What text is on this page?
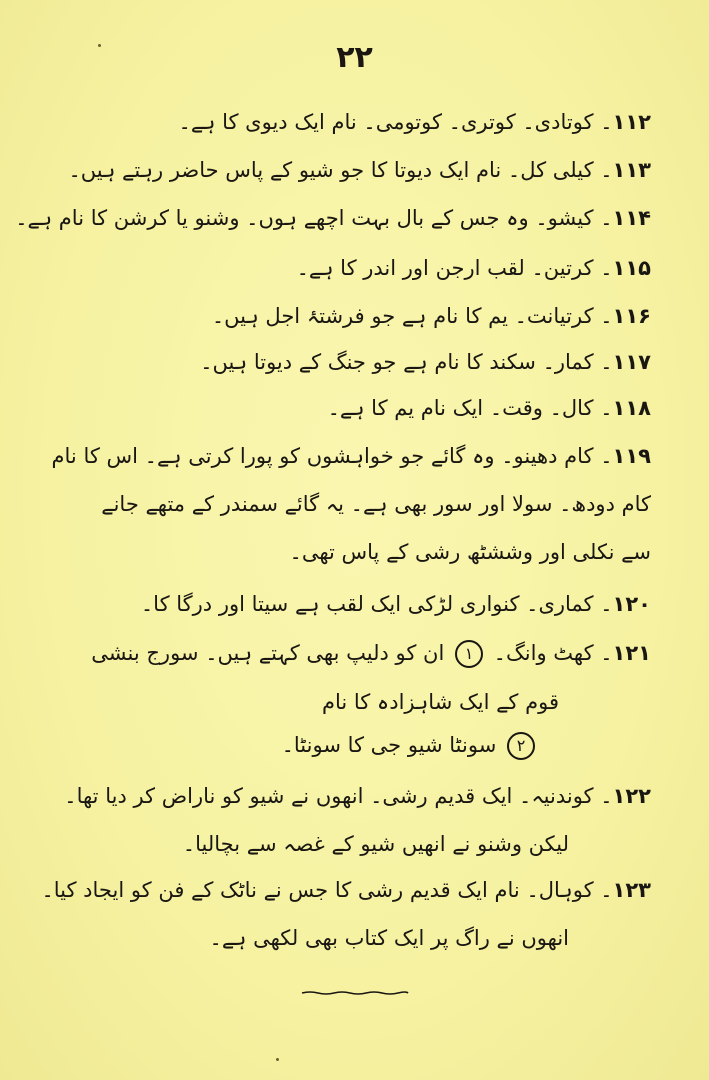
۲۲
۱۱۲۔ کوتادی۔ کوتری۔ کوتومی۔ نام ایک دیوی کا ہے۔
۱۱۳۔ کیلی کل۔ نام ایک دیوتا کا جو شیو کے پاس حاضر رہتے ہیں۔
۱۱۴۔ کیشو۔ وہ جس کے بال بہت اچھے ہوں۔ وشنو یا کرشن کا نام ہے۔
۱۱۵۔ کرتین۔ لقب ارجن اور اندر کا ہے۔
۱۱۶۔ کرتیانت۔ یم کا نام ہے جو فرشتۂ اجل ہیں۔
۱۱۷۔ کمار۔ سکند کا نام ہے جو جنگ کے دیوتا ہیں۔
۱۱۸۔ کال۔ وقت۔ ایک نام یم کا ہے۔
۱۱۹۔ کام دھینو۔ وہ گائے جو خواہشوں کو پورا کرتی ہے۔ اس کا نام
کام دودھ۔ سولا اور سور بھی ہے۔ یہ گائے سمندر کے متھے جانے
سے نکلی اور وششٹھ رشی کے پاس تھی۔
۱۲۰۔ کماری۔ کنواری لڑکی ایک لقب ہے سیتا اور درگا کا۔
۱۲۱۔ کھٹ وانگ۔ ۱ ان کو دلیپ بھی کہتے ہیں۔ سورج بنشی
قوم کے ایک شاہزادہ کا نام
۲ سونٹا شیو جی کا سونٹا۔
۱۲۲۔ کوندنیہ۔ ایک قدیم رشی۔ انھوں نے شیو کو ناراض کر دیا تھا۔
لیکن وشنو نے انھیں شیو کے غصہ سے بچالیا۔
۱۲۳۔ کوہال۔ نام ایک قدیم رشی کا جس نے ناٹک کے فن کو ایجاد کیا۔
انھوں نے راگ پر ایک کتاب بھی لکھی ہے۔
